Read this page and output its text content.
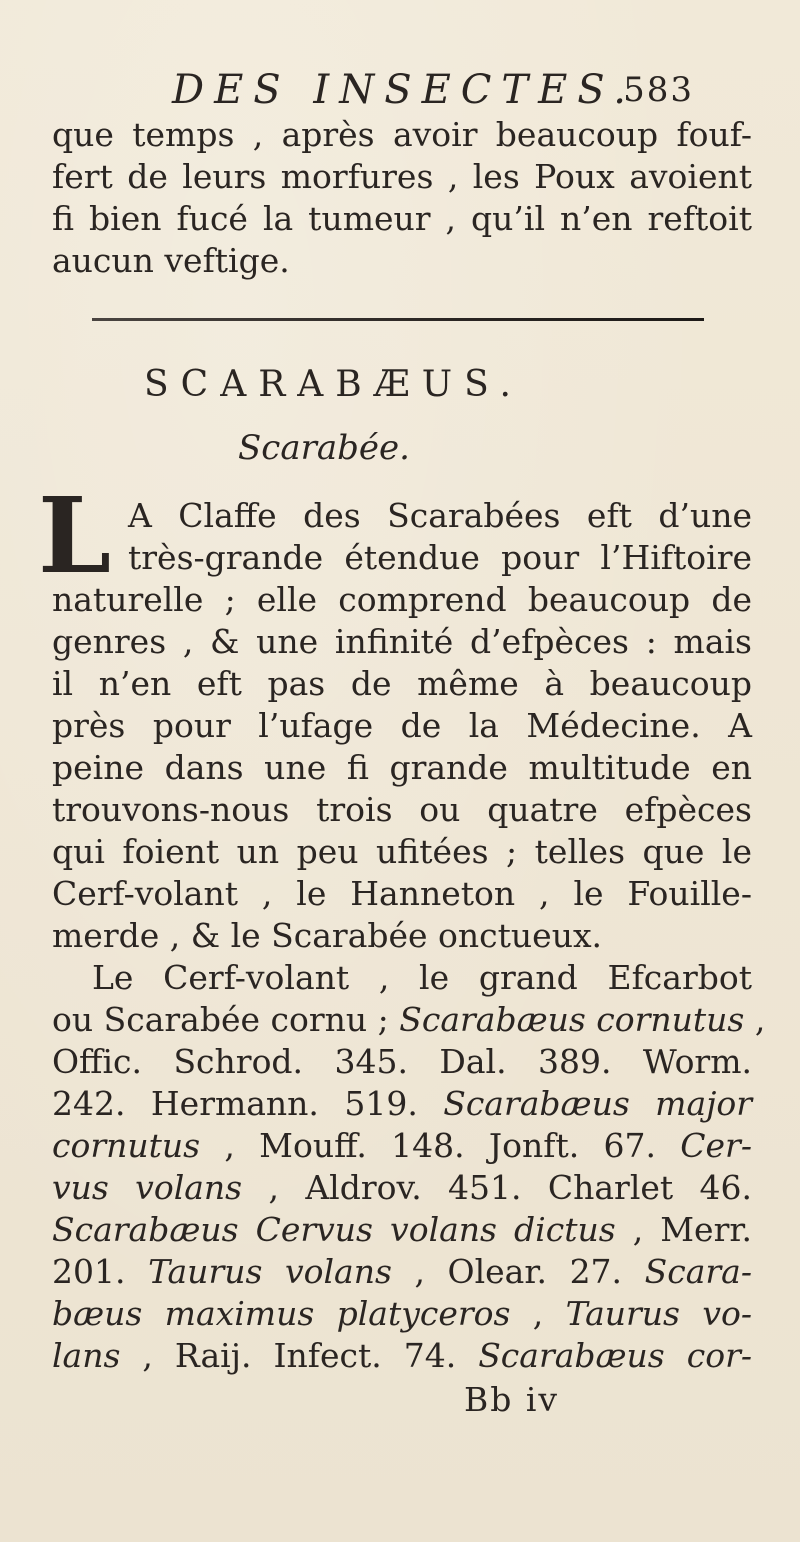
DES INSECTES.
583
que temps , après avoir beaucoup fouf-
fert de leurs morfures , les Poux avoient
fi bien fucé la tumeur , qu’il n’en reftoit
aucun veftige.
SCARABÆUS.
Scarabée.
L A Claffe des Scarabées eft d’une
très-grande étendue pour l’Hiftoire
naturelle ; elle comprend beaucoup de
genres , & une infinité d’efpèces : mais
il n’en eft pas de même à beaucoup
près pour l’ufage de la Médecine. A
peine dans une fi grande multitude en
trouvons-nous trois ou quatre efpèces
qui foient un peu ufitées ; telles que le
Cerf-volant , le Hanneton , le Fouille-
merde , & le Scarabée onctueux.
Le Cerf-volant , le grand Efcarbot
ou Scarabée cornu ; Scarabæus cornutus ,
Offic. Schrod. 345. Dal. 389. Worm.
242. Hermann. 519. Scarabæus major
cornutus , Mouff. 148. Jonft. 67. Cer-
vus volans , Aldrov. 451. Charlet 46.
Scarabæus Cervus volans dictus , Merr.
201. Taurus volans , Olear. 27. Scara-
bæus maximus platyceros , Taurus vo-
lans , Raij. Infect. 74. Scarabæus cor-
Bb iv
